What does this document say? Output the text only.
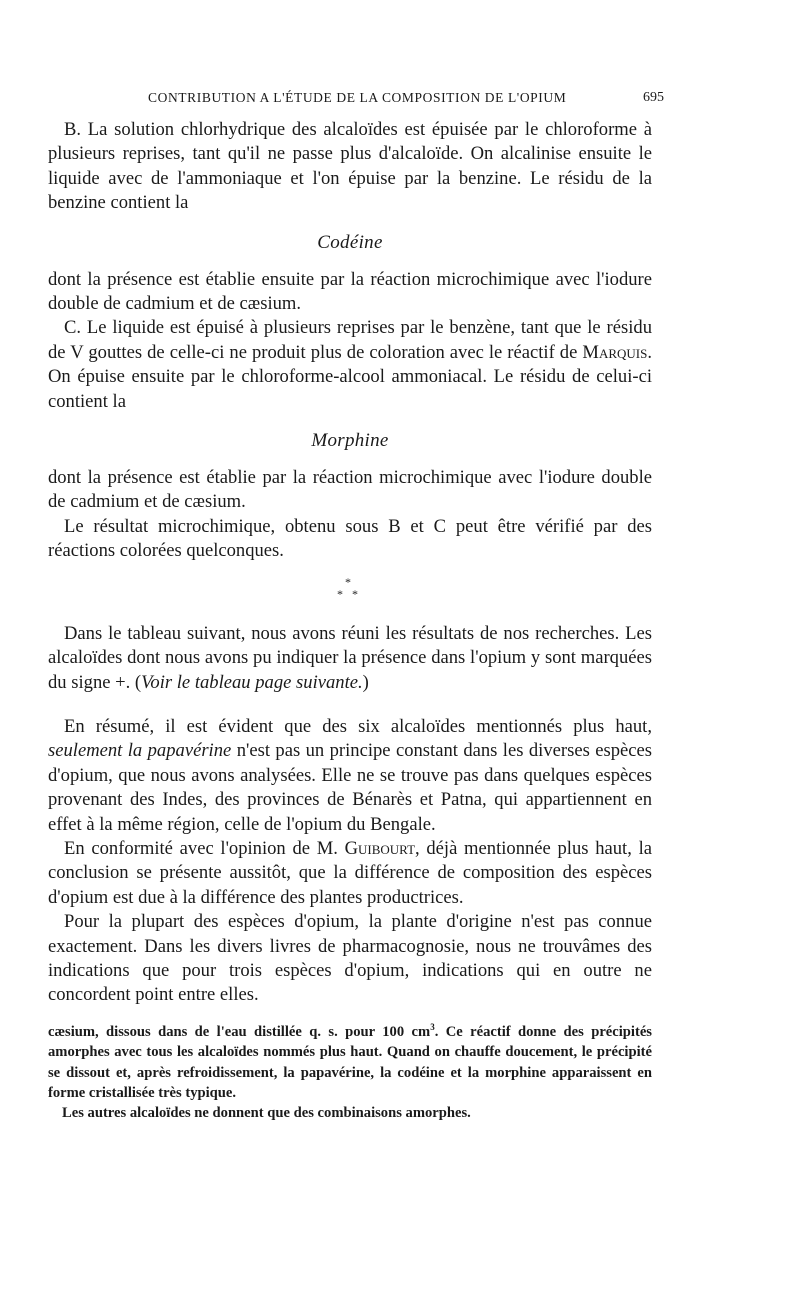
CONTRIBUTION A L'ÉTUDE DE LA COMPOSITION DE L'OPIUM	695

B. La solution chlorhydrique des alcaloïdes est épuisée par le chloroforme à plusieurs reprises, tant qu'il ne passe plus d'alcaloïde. On alcalinise ensuite le liquide avec de l'ammoniaque et l'on épuise par la benzine. Le résidu de la benzine contient la

Codéine

dont la présence est établie ensuite par la réaction microchimique avec l'iodure double de cadmium et de cæsium.

C. Le liquide est épuisé à plusieurs reprises par le benzène, tant que le résidu de V gouttes de celle-ci ne produit plus de coloration avec le réactif de Marquis. On épuise ensuite par le chloroforme-alcool ammoniacal. Le résidu de celui-ci contient la

Morphine

dont la présence est établie par la réaction microchimique avec l'iodure double de cadmium et de cæsium.

Le résultat microchimique, obtenu sous B et C peut être vérifié par des réactions colorées quelconques.

*
* *

Dans le tableau suivant, nous avons réuni les résultats de nos recherches. Les alcaloïdes dont nous avons pu indiquer la présence dans l'opium y sont marquées du signe +. (Voir le tableau page suivante.)

En résumé, il est évident que des six alcaloïdes mentionnés plus haut, seulement la papavérine n'est pas un principe constant dans les diverses espèces d'opium, que nous avons analysées. Elle ne se trouve pas dans quelques espèces provenant des Indes, des provinces de Bénarès et Patna, qui appartiennent en effet à la même région, celle de l'opium du Bengale.

En conformité avec l'opinion de M. Guibourt, déjà mentionnée plus haut, la conclusion se présente aussitôt, que la différence de composition des espèces d'opium est due à la différence des plantes productrices.

Pour la plupart des espèces d'opium, la plante d'origine n'est pas connue exactement. Dans les divers livres de pharmacognosie, nous ne trouvâmes des indications que pour trois espèces d'opium, indications qui en outre ne concordent point entre elles.

cæsium, dissous dans de l'eau distillée q. s. pour 100 $cm^3$. Ce réactif donne des précipités amorphes avec tous les alcaloïdes nommés plus haut. Quand on chauffe doucement, le précipité se dissout et, après refroidissement, la papavérine, la codéine et la morphine apparaissent en forme cristallisée très typique.

Les autres alcaloïdes ne donnent que des combinaisons amorphes.
